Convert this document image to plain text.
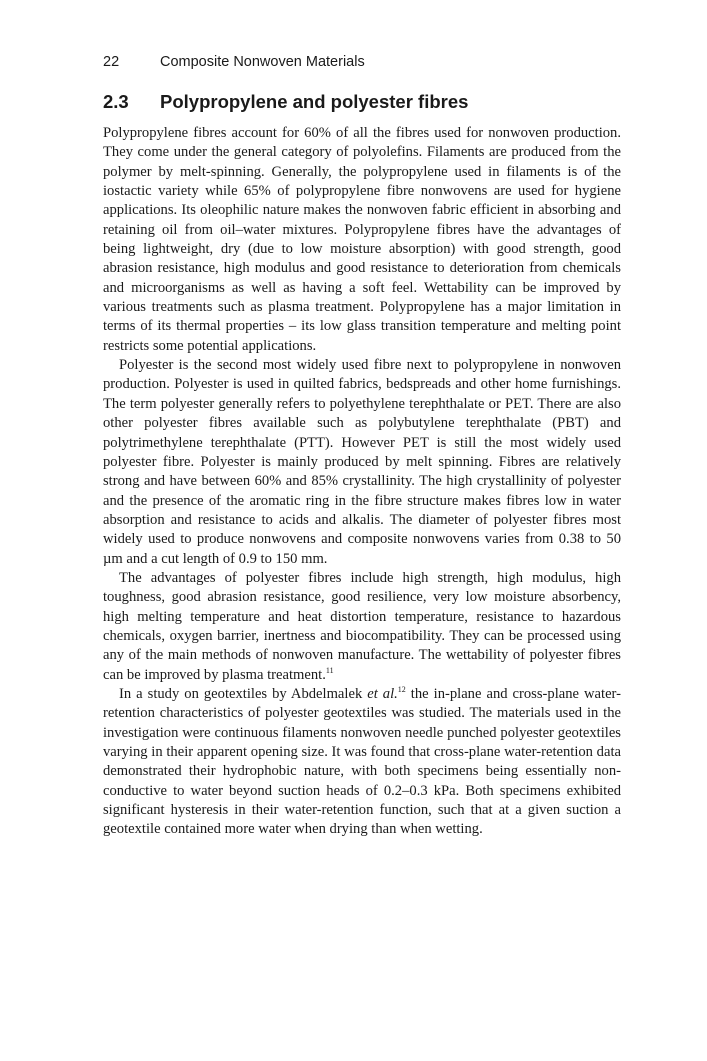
22	Composite Nonwoven Materials
2.3	Polypropylene and polyester fibres

Polypropylene fibres account for 60% of all the fibres used for nonwoven production. They come under the general category of polyolefins. Filaments are produced from the polymer by melt-spinning. Generally, the polypropylene used in filaments is of the iostactic variety while 65% of polypropylene fibre nonwovens are used for hygiene applications. Its oleophilic nature makes the nonwoven fabric efficient in absorbing and retaining oil from oil–water mixtures. Polypropylene fibres have the advantages of being lightweight, dry (due to low moisture absorption) with good strength, good abrasion resistance, high modulus and good resistance to deterioration from chemicals and microorganisms as well as having a soft feel. Wettability can be improved by various treatments such as plasma treatment. Polypropylene has a major limitation in terms of its thermal properties – its low glass transition temperature and melting point restricts some potential applications.

Polyester is the second most widely used fibre next to polypropylene in nonwoven production. Polyester is used in quilted fabrics, bedspreads and other home furnishings. The term polyester generally refers to polyethylene terephthalate or PET. There are also other polyester fibres available such as polybutylene terephthalate (PBT) and polytrimethylene terephthalate (PTT). However PET is still the most widely used polyester fibre. Polyester is mainly produced by melt spinning. Fibres are relatively strong and have between 60% and 85% crystallinity. The high crystallinity of polyester and the presence of the aromatic ring in the fibre structure makes fibres low in water absorption and resistance to acids and alkalis. The diameter of polyester fibres most widely used to produce nonwovens and composite nonwovens varies from 0.38 to 50 µm and a cut length of 0.9 to 150 mm.

The advantages of polyester fibres include high strength, high modulus, high toughness, good abrasion resistance, good resilience, very low moisture absorbency, high melting temperature and heat distortion temperature, resistance to hazardous chemicals, oxygen barrier, inertness and biocompatibility. They can be processed using any of the main methods of nonwoven manufacture. The wettability of polyester fibres can be improved by plasma treatment.$^{11}$

In a study on geotextiles by Abdelmalek et al.$^{12}$ the in-plane and cross-plane water-retention characteristics of polyester geotextiles was studied. The materials used in the investigation were continuous filaments nonwoven needle punched polyester geotextiles varying in their apparent opening size. It was found that cross-plane water-retention data demonstrated their hydrophobic nature, with both specimens being essentially non-conductive to water beyond suction heads of 0.2–0.3 kPa. Both specimens exhibited significant hysteresis in their water-retention function, such that at a given suction a geotextile contained more water when drying than when wetting.
